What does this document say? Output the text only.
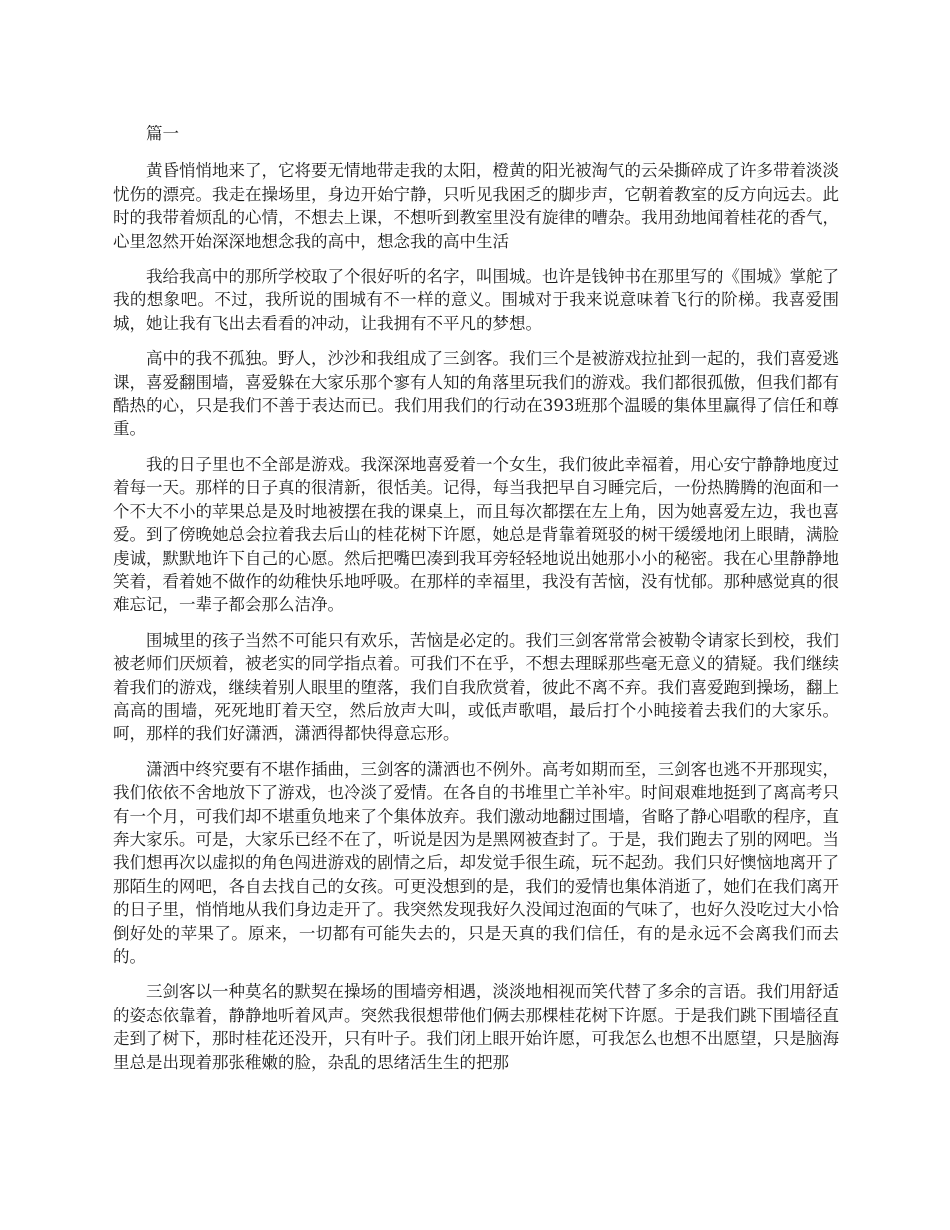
篇一

黄昏悄悄地来了，它将要无情地带走我的太阳，橙黄的阳光被淘气的云朵撕碎成了许多带着淡淡忧伤的漂亮。我走在操场里，身边开始宁静，只听见我困乏的脚步声，它朝着教室的反方向远去。此时的我带着烦乱的心情，不想去上课，不想听到教室里没有旋律的嘈杂。我用劲地闻着桂花的香气，心里忽然开始深深地想念我的高中，想念我的高中生活

我给我高中的那所学校取了个很好听的名字，叫围城。也许是钱钟书在那里写的《围城》掌舵了我的想象吧。不过，我所说的围城有不一样的意义。围城对于我来说意味着飞行的阶梯。我喜爱围城，她让我有飞出去看看的冲动，让我拥有不平凡的梦想。

高中的我不孤独。野人，沙沙和我组成了三剑客。我们三个是被游戏拉扯到一起的，我们喜爱逃课，喜爱翻围墙，喜爱躲在大家乐那个寥有人知的角落里玩我们的游戏。我们都很孤傲，但我们都有酷热的心，只是我们不善于表达而已。我们用我们的行动在393班那个温暖的集体里赢得了信任和尊重。

我的日子里也不全部是游戏。我深深地喜爱着一个女生，我们彼此幸福着，用心安宁静静地度过着每一天。那样的日子真的很清新，很恬美。记得，每当我把早自习睡完后，一份热腾腾的泡面和一个不大不小的苹果总是及时地被摆在我的课桌上，而且每次都摆在左上角，因为她喜爱左边，我也喜爱。到了傍晚她总会拉着我去后山的桂花树下许愿，她总是背靠着斑驳的树干缓缓地闭上眼睛，满脸虔诚，默默地许下自己的心愿。然后把嘴巴凑到我耳旁轻轻地说出她那小小的秘密。我在心里静静地笑着，看着她不做作的幼稚快乐地呼吸。在那样的幸福里，我没有苦恼，没有忧郁。那种感觉真的很难忘记，一辈子都会那么洁净。

围城里的孩子当然不可能只有欢乐，苦恼是必定的。我们三剑客常常会被勒令请家长到校，我们被老师们厌烦着，被老实的同学指点着。可我们不在乎，不想去理睬那些毫无意义的猜疑。我们继续着我们的游戏，继续着别人眼里的堕落，我们自我欣赏着，彼此不离不弃。我们喜爱跑到操场，翻上高高的围墙，死死地盯着天空，然后放声大叫，或低声歌唱，最后打个小盹接着去我们的大家乐。呵，那样的我们好潇洒，潇洒得都快得意忘形。

潇洒中终究要有不堪作插曲，三剑客的潇洒也不例外。高考如期而至，三剑客也逃不开那现实，我们依依不舍地放下了游戏，也冷淡了爱情。在各自的书堆里亡羊补牢。时间艰难地挺到了离高考只有一个月，可我们却不堪重负地来了个集体放弃。我们激动地翻过围墙，省略了静心唱歌的程序，直奔大家乐。可是，大家乐已经不在了，听说是因为是黑网被查封了。于是，我们跑去了别的网吧。当我们想再次以虚拟的角色闯进游戏的剧情之后，却发觉手很生疏，玩不起劲。我们只好懊恼地离开了那陌生的网吧，各自去找自己的女孩。可更没想到的是，我们的爱情也集体消逝了，她们在我们离开的日子里，悄悄地从我们身边走开了。我突然发现我好久没闻过泡面的气味了，也好久没吃过大小恰倒好处的苹果了。原来，一切都有可能失去的，只是天真的我们信任，有的是永远不会离我们而去的。

三剑客以一种莫名的默契在操场的围墙旁相遇，淡淡地相视而笑代替了多余的言语。我们用舒适的姿态依靠着，静静地听着风声。突然我很想带他们俩去那棵桂花树下许愿。于是我们跳下围墙径直走到了树下，那时桂花还没开，只有叶子。我们闭上眼开始许愿，可我怎么也想不出愿望，只是脑海里总是出现着那张稚嫩的脸，杂乱的思绪活生生的把那
